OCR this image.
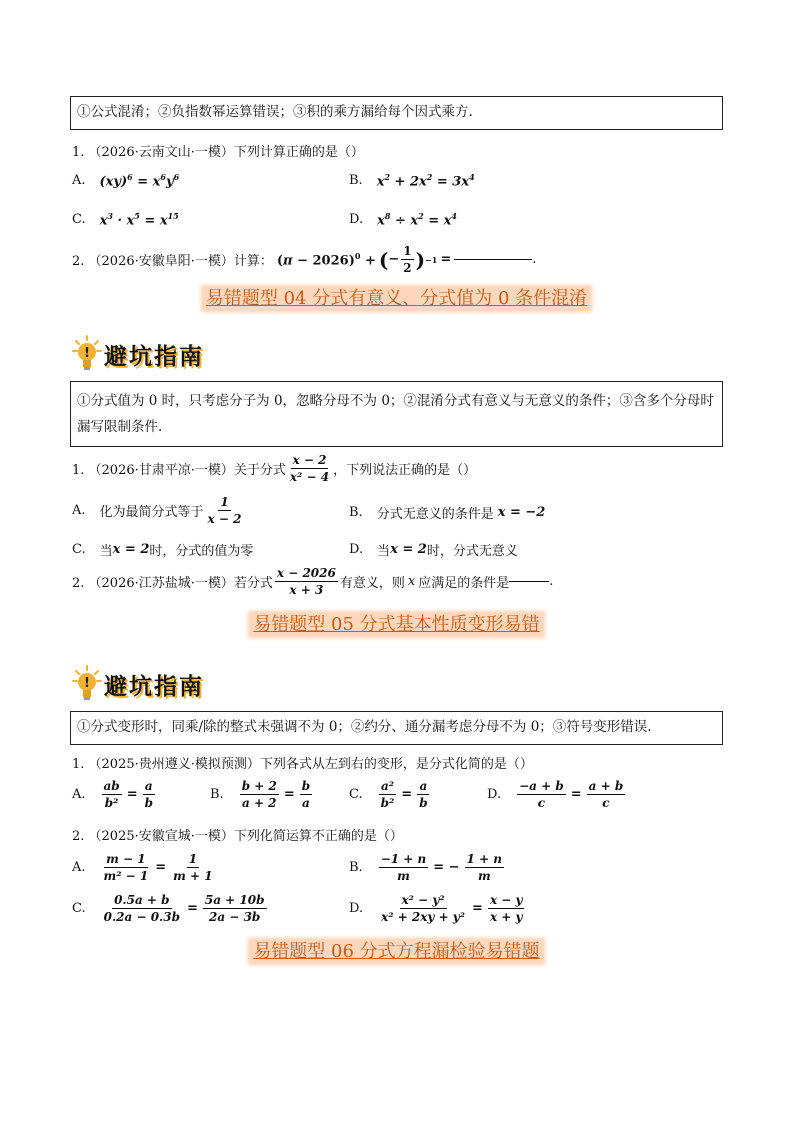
①公式混淆；②负指数幂运算错误；③积的乘方漏给每个因式乘方.
1. （2026·云南文山·一模）下列计算正确的是（）
A. $(xy)^6 = x^6y^6$	B. $x^2 + 2x^2 = 3x^4$
C. $x^3 \cdot x^5 = x^{15}$	D. $x^8 \div x^2 = x^4$
2. （2026·安徽阜阳·一模）计算： $(\pi - 2026)^0$ + ( − $\frac{1}{2}$ ) −1 =	.
易错题型 04 分式有意义、分式值为 0 条件混淆
! 避坑指南
①分式值为 0 时，只考虑分子为 0，忽略分母不为 0；②混淆分式有意义与无意义的条件；③含多个分母时漏写限制条件.
1. （2026·甘肃平凉·一模）关于分式 $\frac{x - 2}{\text{x² − 4}}$ ，下列说法正确的是（）
A. 化为最简分式等于 $\frac{1}{x - 2}$	B. 分式无意义的条件是 x = −2
C. 当 x = 2 时，分式的值为零	D. 当 x = 2 时，分式无意义
2. （2026·江苏盐城·一模）若分式 $\frac{x - 2026}{x + 3}$ 有意义，则 x 应满足的条件是	.
易错题型 05 分式基本性质变形易错
! 避坑指南
①分式变形时，同乘/除的整式未强调不为 0；②约分、通分漏考虑分母不为 0；③符号变形错误.
1. （2025·贵州遵义·模拟预测）下列各式从左到右的变形，是分式化简的是（）
A. $\frac{ab}{\text{b²}} = \frac{a}{b}$	B. $\frac{b + 2}{a + 2} = \frac{b}{a}$	C. $\frac{\text{a²}}{\text{b²}} = \frac{a}{b}$	D. $\frac{-a + b}{c} = \frac{a + b}{c}$
2. （2025·安徽宣城·一模）下列化简运算不正确的是（）
A. $\frac{m - 1}{\text{m² − 1}} = \frac{1}{m + 1}$	B. $\frac{-1 + n}{m}$ = − $\frac{1 + n}{m}$
C. $\frac{0.5a + b}{0.2a - 0.3b} = \frac{5a + 10b}{2a - 3b}$	D. $\frac{\text{x² − y²}}{\text{x² + 2xy + y²}} = \frac{x - y}{x + y}$
易错题型 06 分式方程漏检验易错题
